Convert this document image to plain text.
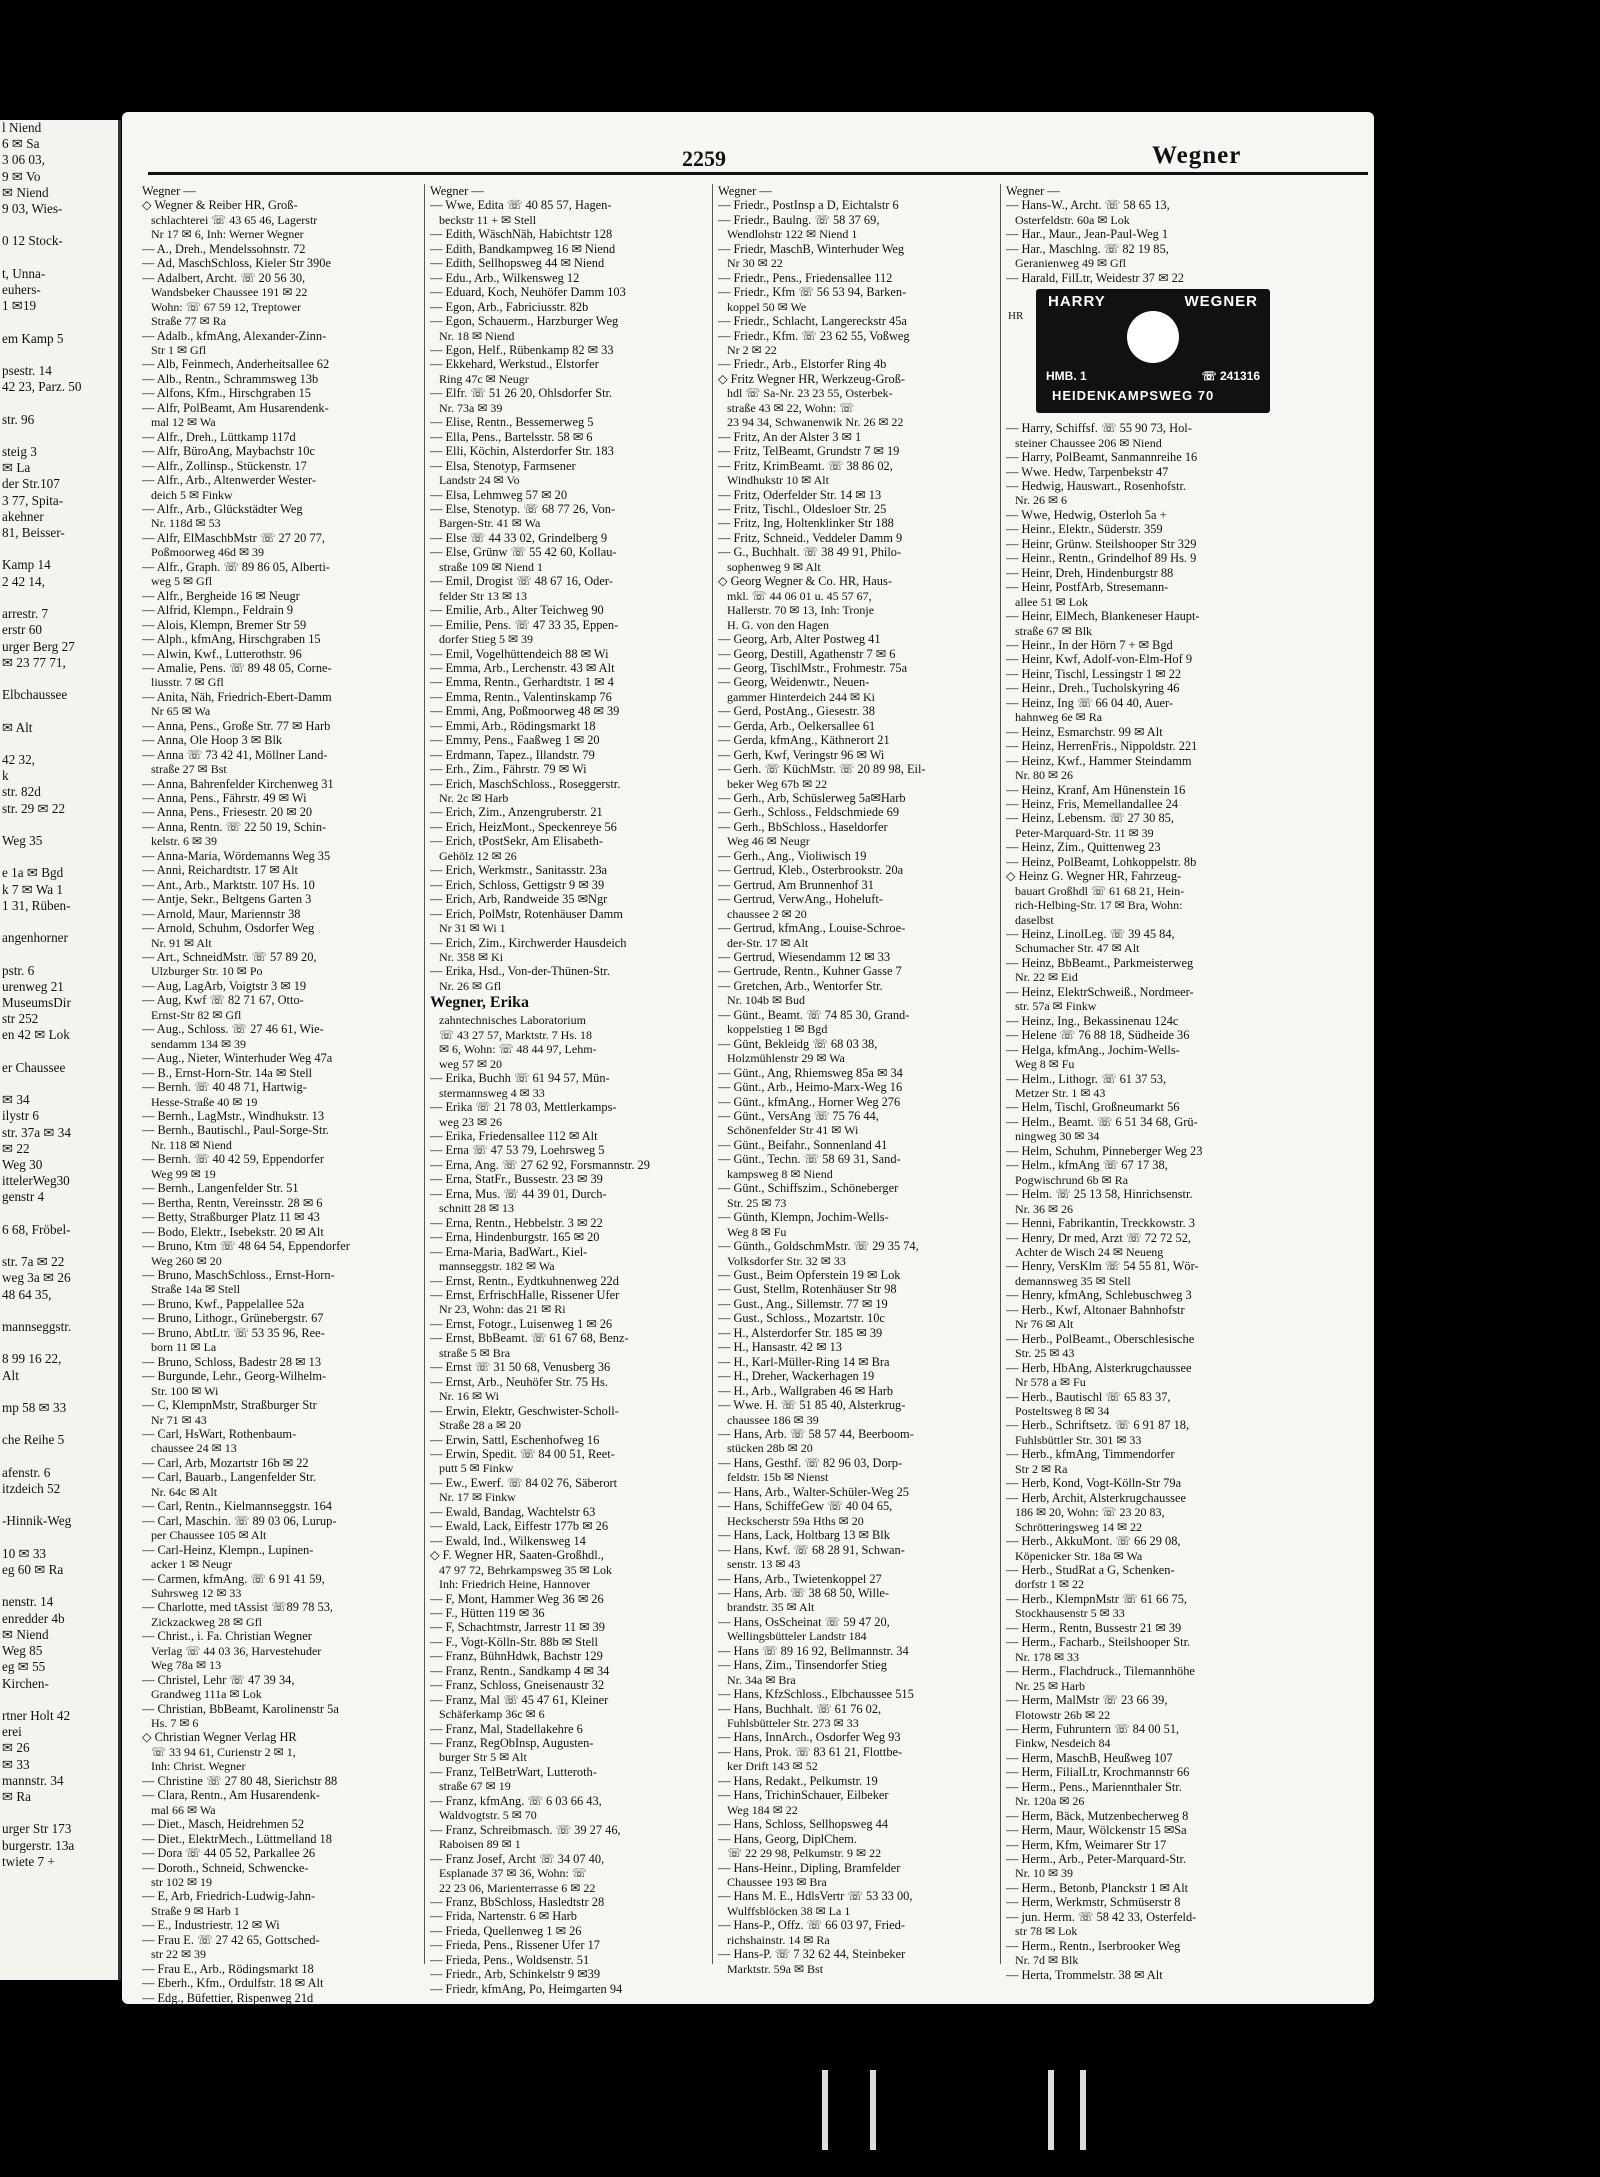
l Niend
6 ✉ Sa
3 06 03,
9 ✉ Vo
✉ Niend
9 03, Wies-

0 12 Stock-

t, Unna-
euhers-
1 ✉19

em Kamp 5

psestr. 14
42 23, Parz. 50

str. 96

steig 3
✉ La
der Str.107
3 77, Spita-
akehner
81, Beisser-

Kamp 14
2 42 14,

arrestr. 7
erstr 60
urger Berg 27
✉ 23 77 71,

Elbchaussee

✉ Alt

42 32,
k
str. 82d
str. 29 ✉ 22

Weg 35

e 1a ✉ Bgd
k 7 ✉ Wa 1
1 31, Rüben-

angenhorner

pstr. 6
urenweg 21
MuseumsDir
str 252
en 42 ✉ Lok

er Chaussee

✉ 34
ilystr 6
str. 37a ✉ 34
✉ 22
Weg 30
ittelerWeg30
genstr 4

6 68, Fröbel-

str. 7a ✉ 22
weg 3a ✉ 26
48 64 35,

mannseggstr.

8 99 16 22,
Alt

mp 58 ✉ 33

che Reihe 5

afenstr. 6
itzdeich 52

-Hinnik-Weg

10 ✉ 33
eg 60 ✉ Ra

nenstr. 14
enredder 4b
✉ Niend
Weg 85
eg ✉ 55
Kirchen-

rtner Holt 42
erei
✉ 26
✉ 33
mannstr. 34
✉ Ra

urger Str 173
burgerstr. 13a
twiete 7 +
2259	Wegner
Wegner —
◇ Wegner & Reiber HR, Groß-
schlachterei ☏ 43 65 46, Lagerstr
Nr 17 ✉ 6, Inh: Werner Wegner
— A., Dreh., Mendelssohnstr. 72
— Ad, MaschSchloss, Kieler Str 390e
— Adalbert, Archt. ☏ 20 56 30,
Wandsbeker Chaussee 191 ✉ 22
Wohn: ☏ 67 59 12, Treptower
Straße 77 ✉ Ra
— Adalb., kfmAng, Alexander-Zinn-
Str 1 ✉ Gfl
— Alb, Feinmech, Anderheitsallee 62
— Alb., Rentn., Schrammsweg 13b
— Alfons, Kfm., Hirschgraben 15
— Alfr, PolBeamt, Am Husarendenk-
mal 12 ✉ Wa
— Alfr., Dreh., Lüttkamp 117d
— Alfr, BüroAng, Maybachstr 10c
— Alfr., Zollinsp., Stückenstr. 17
— Alfr., Arb., Altenwerder Wester-
deich 5 ✉ Finkw
— Alfr., Arb., Glückstädter Weg
Nr. 118d ✉ 53
— Alfr, ElMaschbMstr ☏ 27 20 77,
Poßmoorweg 46d ✉ 39
— Alfr., Graph. ☏ 89 86 05, Alberti-
weg 5 ✉ Gfl
— Alfr., Bergheide 16 ✉ Neugr
— Alfrid, Klempn., Feldrain 9
— Alois, Klempn, Bremer Str 59
— Alph., kfmAng, Hirschgraben 15
— Alwin, Kwf., Lutterothstr. 96
— Amalie, Pens. ☏ 89 48 05, Corne-
liusstr. 7 ✉ Gfl
— Anita, Näh, Friedrich-Ebert-Damm
Nr 65 ✉ Wa
— Anna, Pens., Große Str. 77 ✉ Harb
— Anna, Ole Hoop 3 ✉ Blk
— Anna ☏ 73 42 41, Möllner Land-
straße 27 ✉ Bst
— Anna, Bahrenfelder Kirchenweg 31
— Anna, Pens., Fährstr. 49 ✉ Wi
— Anna, Pens., Friesestr. 20 ✉ 20
— Anna, Rentn. ☏ 22 50 19, Schin-
kelstr. 6 ✉ 39
— Anna-Maria, Wördemanns Weg 35
— Anni, Reichardtstr. 17 ✉ Alt
— Ant., Arb., Marktstr. 107 Hs. 10
— Antje, Sekr., Beltgens Garten 3
— Arnold, Maur, Mariennstr 38
— Arnold, Schuhm, Osdorfer Weg
Nr. 91 ✉ Alt
— Art., SchneidMstr. ☏ 57 89 20,
Ulzburger Str. 10 ✉ Po
— Aug, LagArb, Voigtstr 3 ✉ 19
— Aug, Kwf ☏ 82 71 67, Otto-
Ernst-Str 82 ✉ Gfl
— Aug., Schloss. ☏ 27 46 61, Wie-
sendamm 134 ✉ 39
— Aug., Nieter, Winterhuder Weg 47a
— B., Ernst-Horn-Str. 14a ✉ Stell
— Bernh. ☏ 40 48 71, Hartwig-
Hesse-Straße 40 ✉ 19
— Bernh., LagMstr., Windhukstr. 13
— Bernh., Bautischl., Paul-Sorge-Str.
Nr. 118 ✉ Niend
— Bernh. ☏ 40 42 59, Eppendorfer
Weg 99 ✉ 19
— Bernh., Langenfelder Str. 51
— Bertha, Rentn, Vereinsstr. 28 ✉ 6
— Betty, Straßburger Platz 11 ✉ 43
— Bodo, Elektr., Isebekstr. 20 ✉ Alt
— Bruno, Ktm ☏ 48 64 54, Eppendorfer
Weg 260 ✉ 20
— Bruno, MaschSchloss., Ernst-Horn-
Straße 14a ✉ Stell
— Bruno, Kwf., Pappelallee 52a
— Bruno, Lithogr., Grünebergstr. 67
— Bruno, AbtLtr. ☏ 53 35 96, Ree-
born 11 ✉ La
— Bruno, Schloss, Badestr 28 ✉ 13
— Burgunde, Lehr., Georg-Wilhelm-
Str. 100 ✉ Wi
— C, KlempnMstr, Straßburger Str
Nr 71 ✉ 43
— Carl, HsWart, Rothenbaum-
chaussee 24 ✉ 13
— Carl, Arb, Mozartstr 16b ✉ 22
— Carl, Bauarb., Langenfelder Str.
Nr. 64c ✉ Alt
— Carl, Rentn., Kielmannseggstr. 164
— Carl, Maschin. ☏ 89 03 06, Lurup-
per Chaussee 105 ✉ Alt
— Carl-Heinz, Klempn., Lupinen-
acker 1 ✉ Neugr
— Carmen, kfmAng. ☏ 6 91 41 59,
Suhrsweg 12 ✉ 33
— Charlotte, med tAssist ☏89 78 53,
Zickzackweg 28 ✉ Gfl
— Christ., i. Fa. Christian Wegner
Verlag ☏ 44 03 36, Harvestehuder
Weg 78a ✉ 13
— Christel, Lehr ☏ 47 39 34,
Grandweg 111a ✉ Lok
— Christian, BbBeamt, Karolinenstr 5a
Hs. 7 ✉ 6
◇ Christian Wegner Verlag HR
☏ 33 94 61, Curienstr 2 ✉ 1,
Inh: Christ. Wegner
— Christine ☏ 27 80 48, Sierichstr 88
— Clara, Rentn., Am Husarendenk-
mal 66 ✉ Wa
— Diet., Masch, Heidrehmen 52
— Diet., ElektrMech., Lüttmelland 18
— Dora ☏ 44 05 52, Parkallee 26
— Doroth., Schneid, Schwencke-
str 102 ✉ 19
— E, Arb, Friedrich-Ludwig-Jahn-
Straße 9 ✉ Harb 1
— E., Industriestr. 12 ✉ Wi
— Frau E. ☏ 27 42 65, Gottsched-
str 22 ✉ 39
— Frau E., Arb., Rödingsmarkt 18
— Eberh., Kfm., Ordulfstr. 18 ✉ Alt
— Edg., Büfettier, Rispenweg 21d
Wegner —
— Wwe, Edita ☏ 40 85 57, Hagen-
beckstr 11 + ✉ Stell
— Edith, WäschNäh, Habichtstr 128
— Edith, Bandkampweg 16 ✉ Niend
— Edith, Sellhopsweg 44 ✉ Niend
— Edu., Arb., Wilkensweg 12
— Eduard, Koch, Neuhöfer Damm 103
— Egon, Arb., Fabriciusstr. 82b
— Egon, Schauerm., Harzburger Weg
Nr. 18 ✉ Niend
— Egon, Helf., Rübenkamp 82 ✉ 33
— Ekkehard, Werkstud., Elstorfer
Ring 47c ✉ Neugr
— Elfr. ☏ 51 26 20, Ohlsdorfer Str.
Nr. 73a ✉ 39
— Elise, Rentn., Bessemerweg 5
— Ella, Pens., Bartelsstr. 58 ✉ 6
— Elli, Köchin, Alsterdorfer Str. 183
— Elsa, Stenotyp, Farmsener
Landstr 24 ✉ Vo
— Elsa, Lehmweg 57 ✉ 20
— Else, Stenotyp. ☏ 68 77 26, Von-
Bargen-Str. 41 ✉ Wa
— Else ☏ 44 33 02, Grindelberg 9
— Else, Grünw ☏ 55 42 60, Kollau-
straße 109 ✉ Niend 1
— Emil, Drogist ☏ 48 67 16, Oder-
felder Str 13 ✉ 13
— Emilie, Arb., Alter Teichweg 90
— Emilie, Pens. ☏ 47 33 35, Eppen-
dorfer Stieg 5 ✉ 39
— Emil, Vogelhüttendeich 88 ✉ Wi
— Emma, Arb., Lerchenstr. 43 ✉ Alt
— Emma, Rentn., Gerhardtstr. 1 ✉ 4
— Emma, Rentn., Valentinskamp 76
— Emmi, Ang, Poßmoorweg 48 ✉ 39
— Emmi, Arb., Rödingsmarkt 18
— Emmy, Pens., Faaßweg 1 ✉ 20
— Erdmann, Tapez., Illandstr. 79
— Erh., Zim., Fährstr. 79 ✉ Wi
— Erich, MaschSchloss., Roseggerstr.
Nr. 2c ✉ Harb
— Erich, Zim., Anzengruberstr. 21
— Erich, HeizMont., Speckenreye 56
— Erich, tPostSekr, Am Elisabeth-
Gehölz 12 ✉ 26
— Erich, Werkmstr., Sanitasstr. 23a
— Erich, Schloss, Gettigstr 9 ✉ 39
— Erich, Arb, Randweide 35 ✉Ngr
— Erich, PolMstr, Rotenhäuser Damm
Nr 31 ✉ Wi 1
— Erich, Zim., Kirchwerder Hausdeich
Nr. 358 ✉ Ki
— Erika, Hsd., Von-der-Thünen-Str.
Nr. 26 ✉ Gfl
Wegner, Erika
zahntechnisches Laboratorium
☏ 43 27 57, Marktstr. 7 Hs. 18
✉ 6, Wohn: ☏ 48 44 97, Lehm-
weg 57 ✉ 20
— Erika, Buchh ☏ 61 94 57, Mün-
stermannsweg 4 ✉ 33
— Erika ☏ 21 78 03, Mettlerkamps-
weg 23 ✉ 26
— Erika, Friedensallee 112 ✉ Alt
— Erna ☏ 47 53 79, Loehrsweg 5
— Erna, Ang. ☏ 27 62 92, Forsmannstr. 29
— Erna, StatFr., Bussestr. 23 ✉ 39
— Erna, Mus. ☏ 44 39 01, Durch-
schnitt 28 ✉ 13
— Erna, Rentn., Hebbelstr. 3 ✉ 22
— Erna, Hindenburgstr. 165 ✉ 20
— Erna-Maria, BadWart., Kiel-
mannseggstr. 182 ✉ Wa
— Ernst, Rentn., Eydtkuhnenweg 22d
— Ernst, ErfrischHalle, Rissener Ufer
Nr 23, Wohn: das 21 ✉ Ri
— Ernst, Fotogr., Luisenweg 1 ✉ 26
— Ernst, BbBeamt. ☏ 61 67 68, Benz-
straße 5 ✉ Bra
— Ernst ☏ 31 50 68, Venusberg 36
— Ernst, Arb., Neuhöfer Str. 75 Hs.
Nr. 16 ✉ Wi
— Erwin, Elektr, Geschwister-Scholl-
Straße 28 a ✉ 20
— Erwin, Sattl, Eschenhofweg 16
— Erwin, Spedit. ☏ 84 00 51, Reet-
putt 5 ✉ Finkw
— Ew., Ewerf. ☏ 84 02 76, Säberort
Nr. 17 ✉ Finkw
— Ewald, Bandag, Wachtelstr 63
— Ewald, Lack, Eiffestr 177b ✉ 26
— Ewald, Ind., Wilkensweg 14
◇ F. Wegner HR, Saaten-Großhdl.,
47 97 72, Behrkampsweg 35 ✉ Lok
Inh: Friedrich Heine, Hannover
— F, Mont, Hammer Weg 36 ✉ 26
— F., Hütten 119 ✉ 36
— F, Schachtmstr, Jarrestr 11 ✉ 39
— F., Vogt-Kölln-Str. 88b ✉ Stell
— Franz, BühnHdwk, Bachstr 129
— Franz, Rentn., Sandkamp 4 ✉ 34
— Franz, Schloss, Gneisenaustr 32
— Franz, Mal ☏ 45 47 61, Kleiner
Schäferkamp 36c ✉ 6
— Franz, Mal, Stadellakehre 6
— Franz, RegObInsp, Augusten-
burger Str 5 ✉ Alt
— Franz, TelBetrWart, Lutteroth-
straße 67 ✉ 19
— Franz, kfmAng. ☏ 6 03 66 43,
Waldvogtstr. 5 ✉ 70
— Franz, Schreibmasch. ☏ 39 27 46,
Raboisen 89 ✉ 1
— Franz Josef, Archt ☏ 34 07 40,
Esplanade 37 ✉ 36, Wohn: ☏
22 23 06, Marienterrasse 6 ✉ 22
— Franz, BbSchloss, Hasledtstr 28
— Frida, Nartenstr. 6 ✉ Harb
— Frieda, Quellenweg 1 ✉ 26
— Frieda, Pens., Rissener Ufer 17
— Frieda, Pens., Woldsenstr. 51
— Friedr., Arb, Schinkelstr 9 ✉39
— Friedr, kfmAng, Po, Heimgarten 94
Wegner —
— Friedr., PostInsp a D, Eichtalstr 6
— Friedr., Baulng. ☏ 58 37 69,
Wendlohstr 122 ✉ Niend 1
— Friedr, MaschB, Winterhuder Weg
Nr 30 ✉ 22
— Friedr., Pens., Friedensallee 112
— Friedr., Kfm ☏ 56 53 94, Barken-
koppel 50 ✉ We
— Friedr., Schlacht, Langereckstr 45a
— Friedr., Kfm. ☏ 23 62 55, Voßweg
Nr 2 ✉ 22
— Friedr., Arb., Elstorfer Ring 4b
◇ Fritz Wegner HR, Werkzeug-Groß-
hdl ☏ Sa-Nr. 23 23 55, Osterbek-
straße 43 ✉ 22, Wohn: ☏
23 94 34, Schwanenwik Nr. 26 ✉ 22
— Fritz, An der Alster 3 ✉ 1
— Fritz, TelBeamt, Grundstr 7 ✉ 19
— Fritz, KrimBeamt. ☏ 38 86 02,
Windhukstr 10 ✉ Alt
— Fritz, Oderfelder Str. 14 ✉ 13
— Fritz, Tischl., Oldesloer Str. 25
— Fritz, Ing, Holtenklinker Str 188
— Fritz, Schneid., Veddeler Damm 9
— G., Buchhalt. ☏ 38 49 91, Philo-
sophenweg 9 ✉ Alt
◇ Georg Wegner & Co. HR, Haus-
mkl. ☏ 44 06 01 u. 45 57 67,
Hallerstr. 70 ✉ 13, Inh: Tronje
H. G. von den Hagen
— Georg, Arb, Alter Postweg 41
— Georg, Destill, Agathenstr 7 ✉ 6
— Georg, TischlMstr., Frohmestr. 75a
— Georg, Weidenwtr., Neuen-
gammer Hinterdeich 244 ✉ Ki
— Gerd, PostAng., Giesestr. 38
— Gerda, Arb., Oelkersallee 61
— Gerda, kfmAng., Käthnerort 21
— Gerh, Kwf, Veringstr 96 ✉ Wi
— Gerh. ☏ KüchMstr. ☏ 20 89 98, Eil-
beker Weg 67b ✉ 22
— Gerh., Arb, Schüslerweg 5a✉Harb
— Gerh., Schloss., Feldschmiede 69
— Gerh., BbSchloss., Haseldorfer
Weg 46 ✉ Neugr
— Gerh., Ang., Violiwisch 19
— Gertrud, Kleb., Osterbrookstr. 20a
— Gertrud, Am Brunnenhof 31
— Gertrud, VerwAng., Hoheluft-
chaussee 2 ✉ 20
— Gertrud, kfmAng., Louise-Schroe-
der-Str. 17 ✉ Alt
— Gertrud, Wiesendamm 12 ✉ 33
— Gertrude, Rentn., Kuhner Gasse 7
— Gretchen, Arb., Wentorfer Str.
Nr. 104b ✉ Bud
— Günt., Beamt. ☏ 74 85 30, Grand-
koppelstieg 1 ✉ Bgd
— Günt, Bekleidg ☏ 68 03 38,
Holzmühlenstr 29 ✉ Wa
— Günt., Ang, Rhiemsweg 85a ✉ 34
— Günt., Arb., Heimo-Marx-Weg 16
— Günt., kfmAng., Horner Weg 276
— Günt., VersAng ☏ 75 76 44,
Schönenfelder Str 41 ✉ Wi
— Günt., Beifahr., Sonnenland 41
— Günt., Techn. ☏ 58 69 31, Sand-
kampsweg 8 ✉ Niend
— Günt., Schiffszim., Schöneberger
Str. 25 ✉ 73
— Günth, Klempn, Jochim-Wells-
Weg 8 ✉ Fu
— Günth., GoldschmMstr. ☏ 29 35 74,
Volksdorfer Str. 32 ✉ 33
— Gust., Beim Opferstein 19 ✉ Lok
— Gust, Stellm, Rotenhäuser Str 98
— Gust., Ang., Sillemstr. 77 ✉ 19
— Gust., Schloss., Mozartstr. 10c
— H., Alsterdorfer Str. 185 ✉ 39
— H., Hansastr. 42 ✉ 13
— H., Karl-Müller-Ring 14 ✉ Bra
— H., Dreher, Wackerhagen 19
— H., Arb., Wallgraben 46 ✉ Harb
— Wwe. H. ☏ 51 85 40, Alsterkrug-
chaussee 186 ✉ 39
— Hans, Arb. ☏ 58 57 44, Beerboom-
stücken 28b ✉ 20
— Hans, Gesthf. ☏ 82 96 03, Dorp-
feldstr. 15b ✉ Nienst
— Hans, Arb., Walter-Schüler-Weg 25
— Hans, SchiffeGew ☏ 40 04 65,
Heckscherstr 59a Hths ✉ 20
— Hans, Lack, Holtbarg 13 ✉ Blk
— Hans, Kwf. ☏ 68 28 91, Schwan-
senstr. 13 ✉ 43
— Hans, Arb., Twietenkoppel 27
— Hans, Arb. ☏ 38 68 50, Wille-
brandstr. 35 ✉ Alt
— Hans, OsScheinat ☏ 59 47 20,
Wellingsbütteler Landstr 184
— Hans ☏ 89 16 92, Bellmannstr. 34
— Hans, Zim., Tinsendorfer Stieg
Nr. 34a ✉ Bra
— Hans, KfzSchloss., Elbchaussee 515
— Hans, Buchhalt. ☏ 61 76 02,
Fuhlsbütteler Str. 273 ✉ 33
— Hans, InnArch., Osdorfer Weg 93
— Hans, Prok. ☏ 83 61 21, Flottbe-
ker Drift 143 ✉ 52
— Hans, Redakt., Pelkumstr. 19
— Hans, TrichinSchauer, Eilbeker
Weg 184 ✉ 22
— Hans, Schloss, Sellhopsweg 44
— Hans, Georg, DiplChem.
☏ 22 29 98, Pelkumstr. 9 ✉ 22
— Hans-Heinr., Dipling, Bramfelder
Chaussee 193 ✉ Bra
— Hans M. E., HdlsVertr ☏ 53 33 00,
Wulffsblöcken 38 ✉ La 1
— Hans-P., Offz. ☏ 66 03 97, Fried-
richshainstr. 14 ✉ Ra
— Hans-P. ☏ 7 32 62 44, Steinbeker
Marktstr. 59a ✉ Bst
Wegner —
— Hans-W., Archt. ☏ 58 65 13,
Osterfeldstr. 60a ✉ Lok
— Har., Maur., Jean-Paul-Weg 1
— Har., Maschlng. ☏ 82 19 85,
Geranienweg 49 ✉ Gfl
— Harald, FilLtr, Weidestr 37 ✉ 22
HARRY	WEGNER
HMB. 1	☏ 241316
HEIDENKAMPSWEG 70
HR
— Harry, Schiffsf. ☏ 55 90 73, Hol-
steiner Chaussee 206 ✉ Niend
— Harry, PolBeamt, Sanmannreihe 16
— Wwe. Hedw, Tarpenbekstr 47
— Hedwig, Hauswart., Rosenhofstr.
Nr. 26 ✉ 6
— Wwe, Hedwig, Osterloh 5a +
— Heinr., Elektr., Süderstr. 359
— Heinr, Grünw. Steilshooper Str 329
— Heinr., Rentn., Grindelhof 89 Hs. 9
— Heinr, Dreh, Hindenburgstr 88
— Heinr, PostfArb, Stresemann-
allee 51 ✉ Lok
— Heinr, ElMech, Blankeneser Haupt-
straße 67 ✉ Blk
— Heinr., In der Hörn 7 + ✉ Bgd
— Heinr, Kwf, Adolf-von-Elm-Hof 9
— Heinr, Tischl, Lessingstr 1 ✉ 22
— Heinr., Dreh., Tucholskyring 46
— Heinz, Ing ☏ 66 04 40, Auer-
hahnweg 6e ✉ Ra
— Heinz, Esmarchstr. 99 ✉ Alt
— Heinz, HerrenFris., Nippoldstr. 221
— Heinz, Kwf., Hammer Steindamm
Nr. 80 ✉ 26
— Heinz, Kranf, Am Hünenstein 16
— Heinz, Fris, Memellandallee 24
— Heinz, Lebensm. ☏ 27 30 85,
Peter-Marquard-Str. 11 ✉ 39
— Heinz, Zim., Quittenweg 23
— Heinz, PolBeamt, Lohkoppelstr. 8b
◇ Heinz G. Wegner HR, Fahrzeug-
bauart Großhdl ☏ 61 68 21, Hein-
rich-Helbing-Str. 17 ✉ Bra, Wohn:
daselbst
— Heinz, LinolLeg. ☏ 39 45 84,
Schumacher Str. 47 ✉ Alt
— Heinz, BbBeamt., Parkmeisterweg
Nr. 22 ✉ Eid
— Heinz, ElektrSchweiß., Nordmeer-
str. 57a ✉ Finkw
— Heinz, Ing., Bekassinenau 124c
— Helene ☏ 76 88 18, Südheide 36
— Helga, kfmAng., Jochim-Wells-
Weg 8 ✉ Fu
— Helm., Lithogr. ☏ 61 37 53,
Metzer Str. 1 ✉ 43
— Helm, Tischl, Großneumarkt 56
— Helm., Beamt. ☏ 6 51 34 68, Grü-
ningweg 30 ✉ 34
— Helm, Schuhm, Pinneberger Weg 23
— Helm., kfmAng ☏ 67 17 38,
Pogwischrund 6b ✉ Ra
— Helm. ☏ 25 13 58, Hinrichsenstr.
Nr. 36 ✉ 26
— Henni, Fabrikantin, Treckkowstr. 3
— Henry, Dr med, Arzt ☏ 72 72 52,
Achter de Wisch 24 ✉ Neueng
— Henry, VersKlm ☏ 54 55 81, Wör-
demannsweg 35 ✉ Stell
— Henry, kfmAng, Schlebuschweg 3
— Herb., Kwf, Altonaer Bahnhofstr
Nr 76 ✉ Alt
— Herb., PolBeamt., Oberschlesische
Str. 25 ✉ 43
— Herb, HbAng, Alsterkrugchaussee
Nr 578 a ✉ Fu
— Herb., Bautischl ☏ 65 83 37,
Posteltsweg 8 ✉ 34
— Herb., Schriftsetz. ☏ 6 91 87 18,
Fuhlsbüttler Str. 301 ✉ 33
— Herb., kfmAng, Timmendorfer
Str 2 ✉ Ra
— Herb, Kond, Vogt-Kölln-Str 79a
— Herb, Archit, Alsterkrugchaussee
186 ✉ 20, Wohn: ☏ 23 20 83,
Schrötteringsweg 14 ✉ 22
— Herb., AkkuMont. ☏ 66 29 08,
Köpenicker Str. 18a ✉ Wa
— Herb., StudRat a G, Schenken-
dorfstr 1 ✉ 22
— Herb., KlempnMstr ☏ 61 66 75,
Stockhausenstr 5 ✉ 33
— Herm., Rentn, Bussestr 21 ✉ 39
— Herm., Facharb., Steilshooper Str.
Nr. 178 ✉ 33
— Herm., Flachdruck., Tilemannhöhe
Nr. 25 ✉ Harb
— Herm, MalMstr ☏ 23 66 39,
Flotowstr 26b ✉ 22
— Herm, Fuhruntern ☏ 84 00 51,
Finkw, Nesdeich 84
— Herm, MaschB, Heußweg 107
— Herm, FilialLtr, Krochmannstr 66
— Herm., Pens., Mariennthaler Str.
Nr. 120a ✉ 26
— Herm, Bäck, Mutzenbecherweg 8
— Herm, Maur, Wölckenstr 15 ✉Sa
— Herm, Kfm, Weimarer Str 17
— Herm., Arb., Peter-Marquard-Str.
Nr. 10 ✉ 39
— Herm., Betonb, Planckstr 1 ✉ Alt
— Herm, Werkmstr, Schmüserstr 8
— jun. Herm. ☏ 58 42 33, Osterfeld-
str 78 ✉ Lok
— Herm., Rentn., Iserbrooker Weg
Nr. 7d ✉ Blk
— Herta, Trommelstr. 38 ✉ Alt
